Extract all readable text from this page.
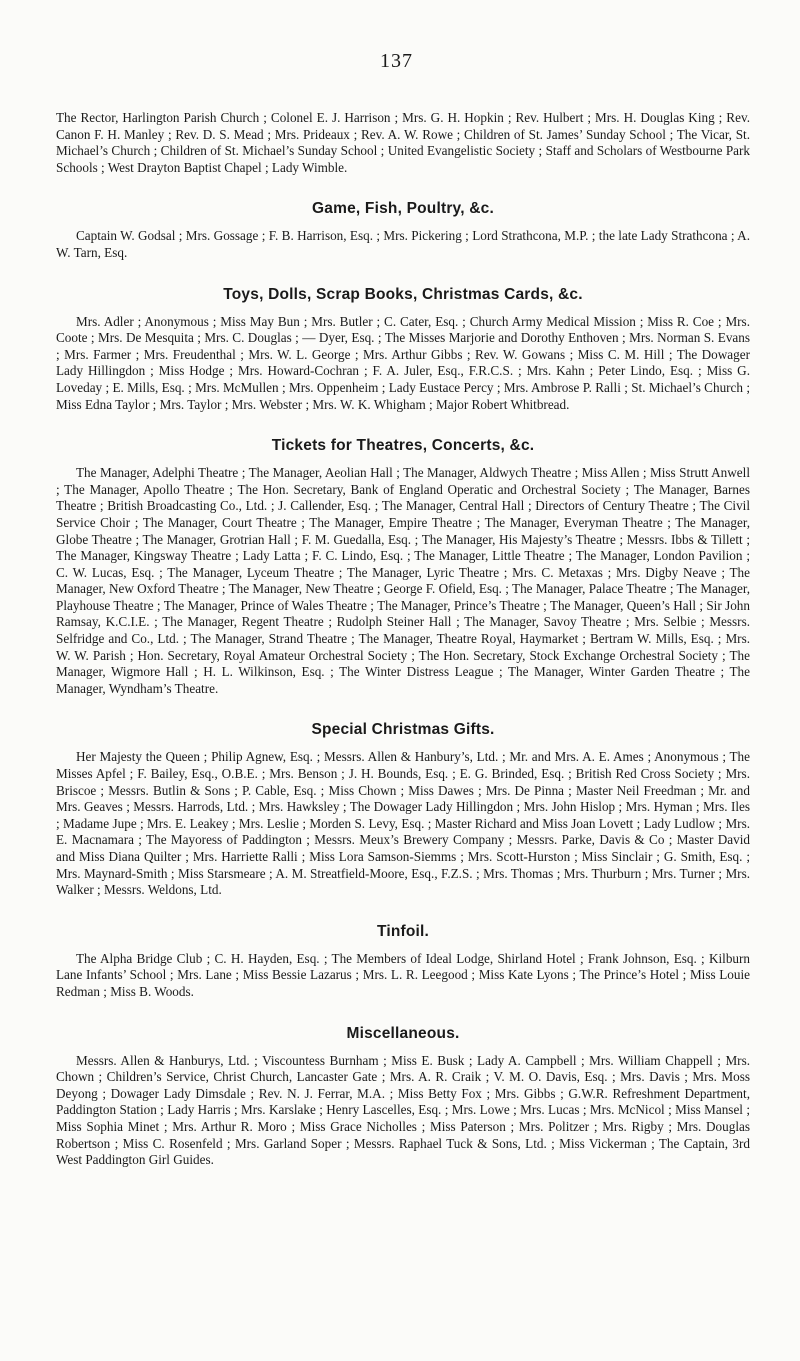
137

The Rector, Harlington Parish Church ; Colonel E. J. Harrison ; Mrs. G. H. Hopkin ; Rev. Hulbert ; Mrs. H. Douglas King ; Rev. Canon F. H. Manley ; Rev. D. S. Mead ; Mrs. Prideaux ; Rev. A. W. Rowe ; Children of St. James’ Sunday School ; The Vicar, St. Michael’s Church ; Children of St. Michael’s Sunday School ; United Evangelistic Society ; Staff and Scholars of Westbourne Park Schools ; West Drayton Baptist Chapel ; Lady Wimble.

Game, Fish, Poultry, &c.

Captain W. Godsal ; Mrs. Gossage ; F. B. Harrison, Esq. ; Mrs. Pickering ; Lord Strathcona, M.P. ; the late Lady Strathcona ; A. W. Tarn, Esq.

Toys, Dolls, Scrap Books, Christmas Cards, &c.

Mrs. Adler ; Anonymous ; Miss May Bun ; Mrs. Butler ; C. Cater, Esq. ; Church Army Medical Mission ; Miss R. Coe ; Mrs. Coote ; Mrs. De Mesquita ; Mrs. C. Douglas ; — Dyer, Esq. ; The Misses Marjorie and Dorothy Enthoven ; Mrs. Norman S. Evans ; Mrs. Farmer ; Mrs. Freudenthal ; Mrs. W. L. George ; Mrs. Arthur Gibbs ; Rev. W. Gowans ; Miss C. M. Hill ; The Dowager Lady Hillingdon ; Miss Hodge ; Mrs. Howard-Cochran ; F. A. Juler, Esq., F.R.C.S. ; Mrs. Kahn ; Peter Lindo, Esq. ; Miss G. Loveday ; E. Mills, Esq. ; Mrs. McMullen ; Mrs. Oppenheim ; Lady Eustace Percy ; Mrs. Ambrose P. Ralli ; St. Michael’s Church ; Miss Edna Taylor ; Mrs. Taylor ; Mrs. Webster ; Mrs. W. K. Whigham ; Major Robert Whitbread.

Tickets for Theatres, Concerts, &c.

The Manager, Adelphi Theatre ; The Manager, Aeolian Hall ; The Manager, Aldwych Theatre ; Miss Allen ; Miss Strutt Anwell ; The Manager, Apollo Theatre ; The Hon. Secretary, Bank of England Operatic and Orchestral Society ; The Manager, Barnes Theatre ; British Broadcasting Co., Ltd. ; J. Callender, Esq. ; The Manager, Central Hall ; Directors of Century Theatre ; The Civil Service Choir ; The Manager, Court Theatre ; The Manager, Empire Theatre ; The Manager, Everyman Theatre ; The Manager, Globe Theatre ; The Manager, Grotrian Hall ; F. M. Guedalla, Esq. ; The Manager, His Majesty’s Theatre ; Messrs. Ibbs & Tillett ; The Manager, Kingsway Theatre ; Lady Latta ; F. C. Lindo, Esq. ; The Manager, Little Theatre ; The Manager, London Pavilion ; C. W. Lucas, Esq. ; The Manager, Lyceum Theatre ; The Manager, Lyric Theatre ; Mrs. C. Metaxas ; Mrs. Digby Neave ; The Manager, New Oxford Theatre ; The Manager, New Theatre ; George F. Ofield, Esq. ; The Manager, Palace Theatre ; The Manager, Playhouse Theatre ; The Manager, Prince of Wales Theatre ; The Manager, Prince’s Theatre ; The Manager, Queen’s Hall ; Sir John Ramsay, K.C.I.E. ; The Manager, Regent Theatre ; Rudolph Steiner Hall ; The Manager, Savoy Theatre ; Mrs. Selbie ; Messrs. Selfridge and Co., Ltd. ; The Manager, Strand Theatre ; The Manager, Theatre Royal, Haymarket ; Bertram W. Mills, Esq. ; Mrs. W. W. Parish ; Hon. Secretary, Royal Amateur Orchestral Society ; The Hon. Secretary, Stock Exchange Orchestral Society ; The Manager, Wigmore Hall ; H. L. Wilkinson, Esq. ; The Winter Distress League ; The Manager, Winter Garden Theatre ; The Manager, Wyndham’s Theatre.

Special Christmas Gifts.

Her Majesty the Queen ; Philip Agnew, Esq. ; Messrs. Allen & Hanbury’s, Ltd. ; Mr. and Mrs. A. E. Ames ; Anonymous ; The Misses Apfel ; F. Bailey, Esq., O.B.E. ; Mrs. Benson ; J. H. Bounds, Esq. ; E. G. Brinded, Esq. ; British Red Cross Society ; Mrs. Briscoe ; Messrs. Butlin & Sons ; P. Cable, Esq. ; Miss Chown ; Miss Dawes ; Mrs. De Pinna ; Master Neil Freedman ; Mr. and Mrs. Geaves ; Messrs. Harrods, Ltd. ; Mrs. Hawksley ; The Dowager Lady Hillingdon ; Mrs. John Hislop ; Mrs. Hyman ; Mrs. Iles ; Madame Jupe ; Mrs. E. Leakey ; Mrs. Leslie ; Morden S. Levy, Esq. ; Master Richard and Miss Joan Lovett ; Lady Ludlow ; Mrs. E. Macnamara ; The Mayoress of Paddington ; Messrs. Meux’s Brewery Company ; Messrs. Parke, Davis & Co ; Master David and Miss Diana Quilter ; Mrs. Harriette Ralli ; Miss Lora Samson-Siemms ; Mrs. Scott-Hurston ; Miss Sinclair ; G. Smith, Esq. ; Mrs. Maynard-Smith ; Miss Starsmeare ; A. M. Streatfield-Moore, Esq., F.Z.S. ; Mrs. Thomas ; Mrs. Thurburn ; Mrs. Turner ; Mrs. Walker ; Messrs. Weldons, Ltd.

Tinfoil.

The Alpha Bridge Club ; C. H. Hayden, Esq. ; The Members of Ideal Lodge, Shirland Hotel ; Frank Johnson, Esq. ; Kilburn Lane Infants’ School ; Mrs. Lane ; Miss Bessie Lazarus ; Mrs. L. R. Leegood ; Miss Kate Lyons ; The Prince’s Hotel ; Miss Louie Redman ; Miss B. Woods.

Miscellaneous.

Messrs. Allen & Hanburys, Ltd. ; Viscountess Burnham ; Miss E. Busk ; Lady A. Campbell ; Mrs. William Chappell ; Mrs. Chown ; Children’s Service, Christ Church, Lancaster Gate ; Mrs. A. R. Craik ; V. M. O. Davis, Esq. ; Mrs. Davis ; Mrs. Moss Deyong ; Dowager Lady Dimsdale ; Rev. N. J. Ferrar, M.A. ; Miss Betty Fox ; Mrs. Gibbs ; G.W.R. Refreshment Department, Paddington Station ; Lady Harris ; Mrs. Karslake ; Henry Lascelles, Esq. ; Mrs. Lowe ; Mrs. Lucas ; Mrs. McNicol ; Miss Mansel ; Miss Sophia Minet ; Mrs. Arthur R. Moro ; Miss Grace Nicholles ; Miss Paterson ; Mrs. Politzer ; Mrs. Rigby ; Mrs. Douglas Robertson ; Miss C. Rosenfeld ; Mrs. Garland Soper ; Messrs. Raphael Tuck & Sons, Ltd. ; Miss Vickerman ; The Captain, 3rd West Paddington Girl Guides.
